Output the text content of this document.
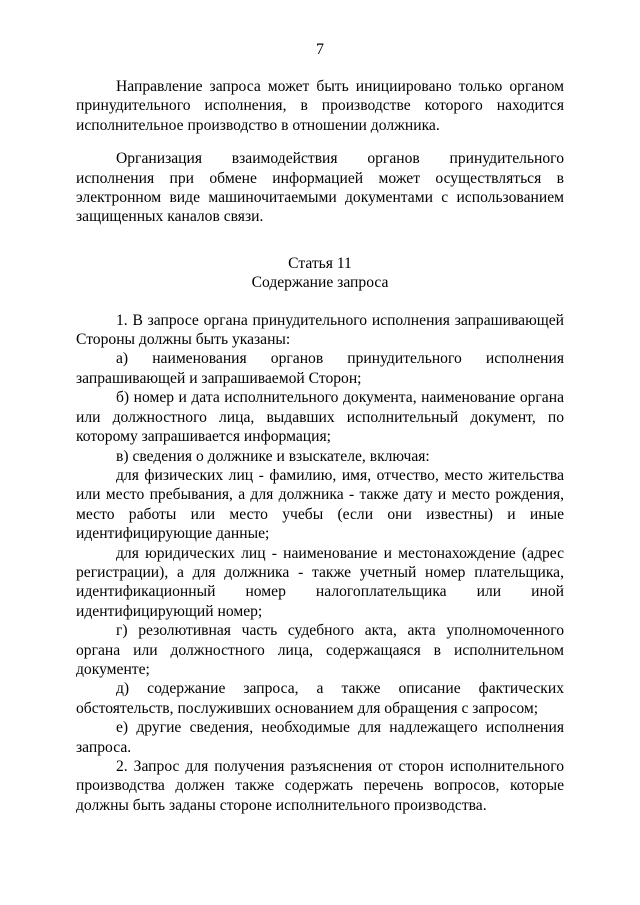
7

Направление запроса может быть инициировано только органом принудительного исполнения, в производстве которого находится исполнительное производство в отношении должника.

Организация взаимодействия органов принудительного исполнения при обмене информацией может осуществляться в электронном виде машиночитаемыми документами с использованием защищенных каналов связи.

Статья 11

Содержание запроса

1. В запросе органа принудительного исполнения запрашивающей Стороны должны быть указаны:

а) наименования органов принудительного исполнения запрашивающей и запрашиваемой Сторон;

б) номер и дата исполнительного документа, наименование органа или должностного лица, выдавших исполнительный документ, по которому запрашивается информация;

в) сведения о должнике и взыскателе, включая:

для физических лиц - фамилию, имя, отчество, место жительства или место пребывания, а для должника - также дату и место рождения, место работы или место учебы (если они известны) и иные идентифицирующие данные;

для юридических лиц - наименование и местонахождение (адрес регистрации), а для должника - также учетный номер плательщика, идентификационный номер налогоплательщика или иной идентифицирующий номер;

г) резолютивная часть судебного акта, акта уполномоченного органа или должностного лица, содержащаяся в исполнительном документе;

д) содержание запроса, а также описание фактических обстоятельств, послуживших основанием для обращения с запросом;

е) другие сведения, необходимые для надлежащего исполнения запроса.

2. Запрос для получения разъяснения от сторон исполнительного производства должен также содержать перечень вопросов, которые должны быть заданы стороне исполнительного производства.
